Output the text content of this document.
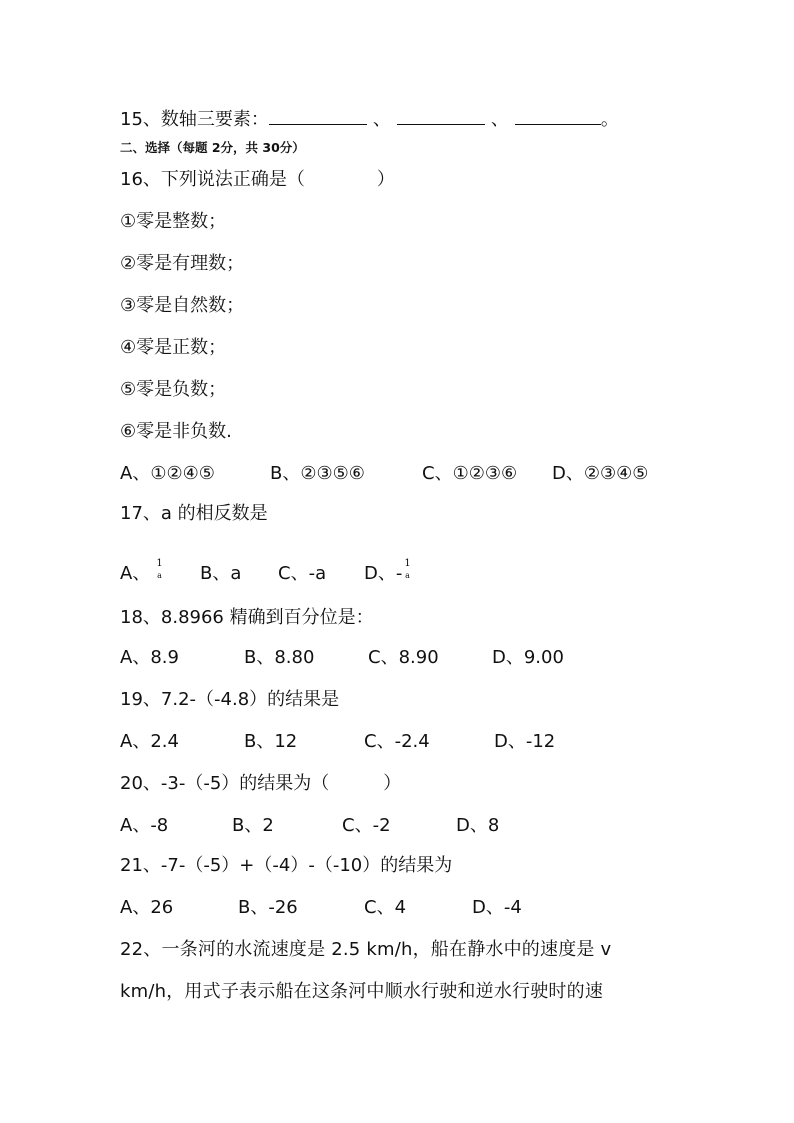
15、数轴三要素：	、	、	。
二、选择（每题 2分，共 30分）
16、下列说法正确是（　　　　）
①零是整数；
②零是有理数；
③零是自然数；
④零是正数；
⑤零是负数；
⑥零是非负数.
A、①②④⑤	B、②③⑤⑥	C、①②③⑥	D、②③④⑤
17、a 的相反数是
A、 1
a B、a	C、-a	D、- 1
a
18、8.8966 精确到百分位是：
A、8.9	B、8.80	C、8.90	D、9.00
19、7.2-（-4.8）的结果是
A、2.4	B、12	C、-2.4	D、-12
20、-3-（-5）的结果为（　　　）
A、-8	B、2	C、-2	D、8
21、-7-（-5）+（-4）-（-10）的结果为
A、26	B、-26	C、4	D、-4
22、一条河的水流速度是 2.5 km/h，船在静水中的速度是 v
km/h，用式子表示船在这条河中顺水行驶和逆水行驶时的速
